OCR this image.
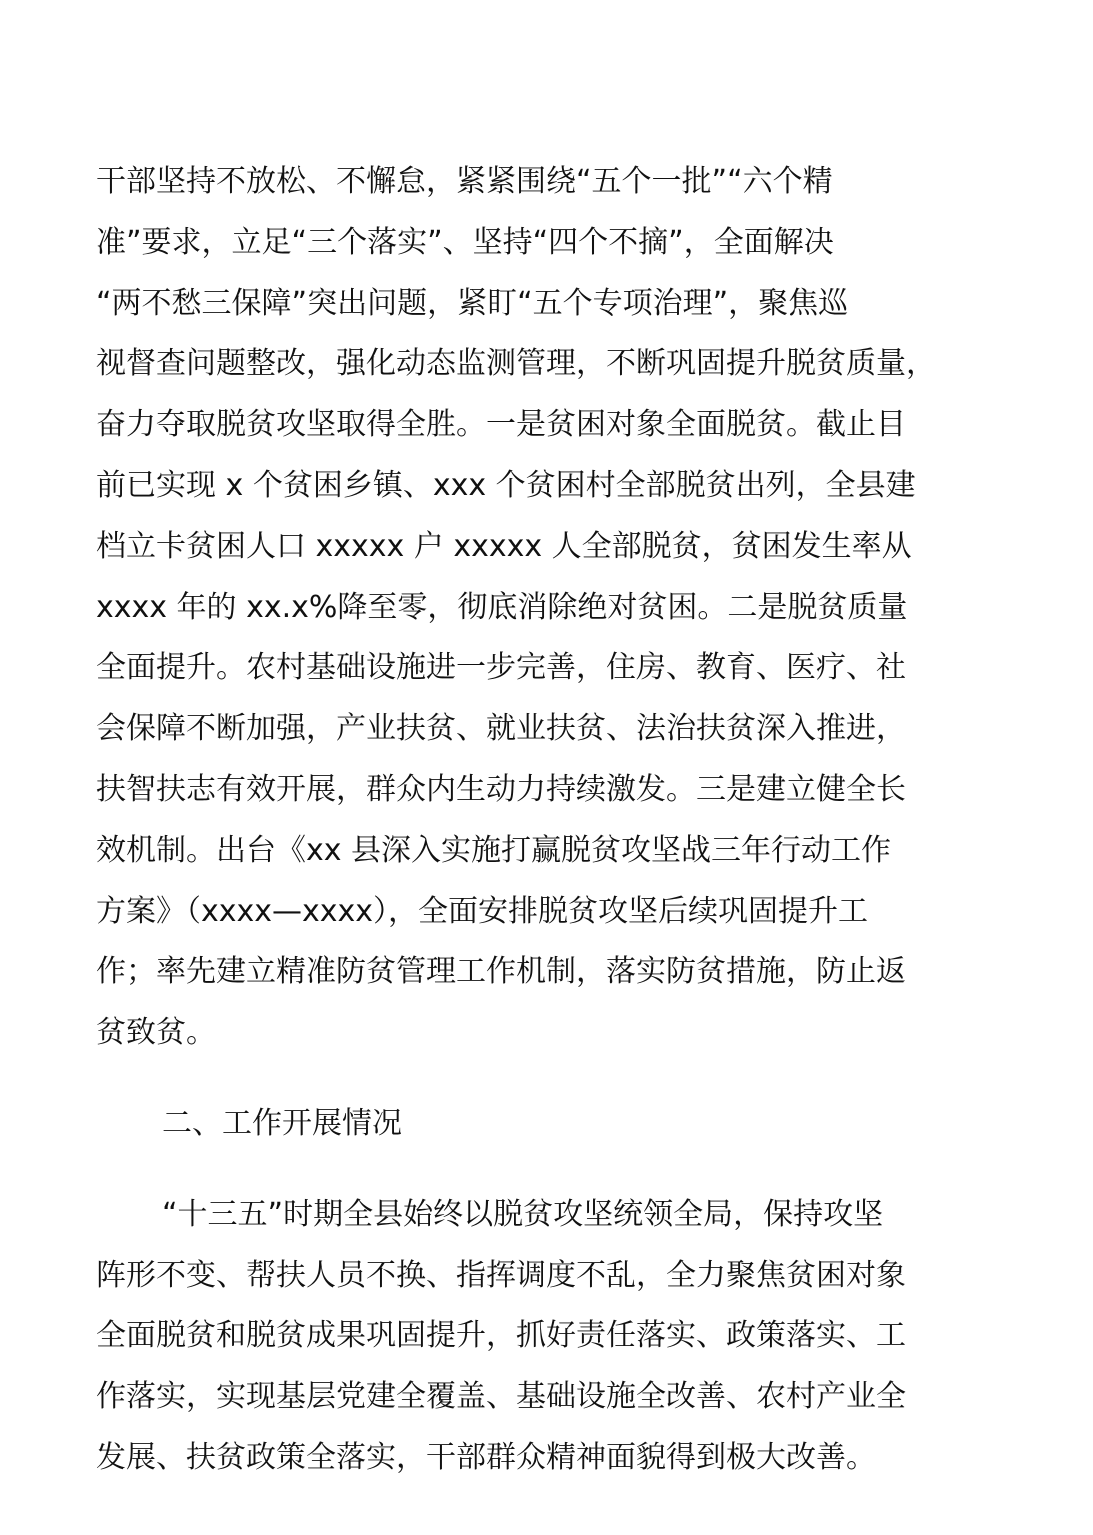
干部坚持不放松、不懈怠，紧紧围绕“五个一批”“六个精
准”要求，立足“三个落实”、坚持“四个不摘”，全面解决
“两不愁三保障”突出问题，紧盯“五个专项治理”，聚焦巡
视督查问题整改，强化动态监测管理，不断巩固提升脱贫质量，
奋力夺取脱贫攻坚取得全胜。一是贫困对象全面脱贫。截止目
前已实现 x 个贫困乡镇、xxx 个贫困村全部脱贫出列，全县建
档立卡贫困人口 xxxxx 户 xxxxx 人全部脱贫，贫困发生率从
xxxx 年的 xx.x%降至零，彻底消除绝对贫困。二是脱贫质量
全面提升。农村基础设施进一步完善，住房、教育、医疗、社
会保障不断加强，产业扶贫、就业扶贫、法治扶贫深入推进，
扶智扶志有效开展，群众内生动力持续激发。三是建立健全长
效机制。出台《xx 县深入实施打赢脱贫攻坚战三年行动工作
方案》（xxxx—xxxx），全面安排脱贫攻坚后续巩固提升工
作；率先建立精准防贫管理工作机制，落实防贫措施，防止返
贫致贫。
二、工作开展情况
“十三五”时期全县始终以脱贫攻坚统领全局，保持攻坚
阵形不变、帮扶人员不换、指挥调度不乱，全力聚焦贫困对象
全面脱贫和脱贫成果巩固提升，抓好责任落实、政策落实、工
作落实，实现基层党建全覆盖、基础设施全改善、农村产业全
发展、扶贫政策全落实，干部群众精神面貌得到极大改善。
